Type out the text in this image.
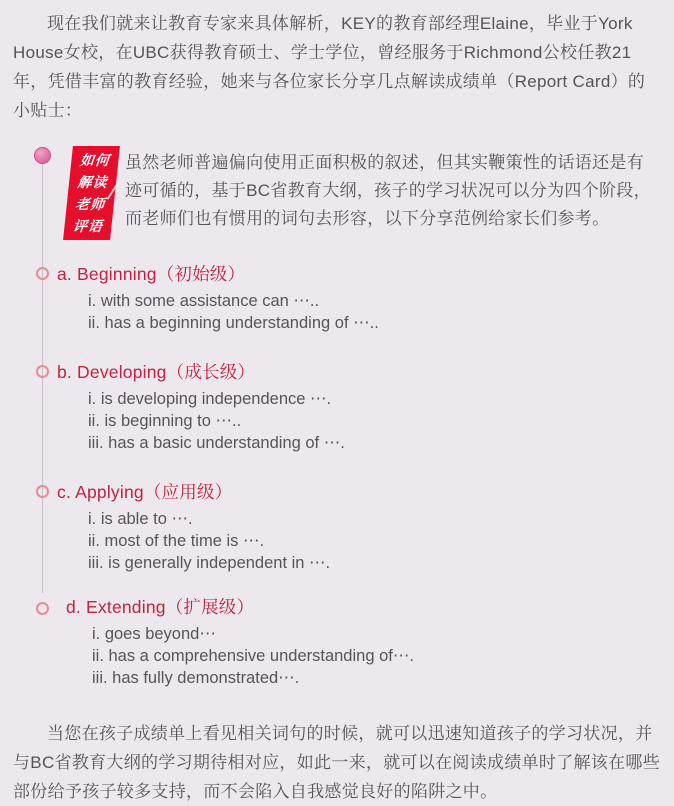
现在我们就来让教育专家来具体解析，KEY的教育部经理Elaine，毕业于York House女校，在UBC获得教育硕士、学士学位，曾经服务于Richmond公校任教21年，凭借丰富的教育经验，她来与各位家长分享几点解读成绩单（Report Card）的小贴士：

如何
解读
老师
评语

虽然老师普遍偏向使用正面积极的叙述，但其实鞭策性的话语还是有迹可循的，基于BC省教育大纲，孩子的学习状况可以分为四个阶段，而老师们也有惯用的词句去形容，以下分享范例给家长们参考。

a. Beginning（初始级）
i. with some assistance can ⋯..
ii. has a beginning understanding of ⋯..
b. Developing（成长级）
i. is developing independence ⋯.
ii. is beginning to ⋯..
iii. has a basic understanding of ⋯.
c. Applying（应用级）
i. is able to ⋯.
ii. most of the time is ⋯.
iii. is generally independent in ⋯.
d. Extending（扩展级）
i. goes beyond⋯
ii. has a comprehensive understanding of⋯.
iii. has fully demonstrated⋯.

当您在孩子成绩单上看见相关词句的时候，就可以迅速知道孩子的学习状况，并与BC省教育大纲的学习期待相对应，如此一来，就可以在阅读成绩单时了解该在哪些部份给予孩子较多支持，而不会陷入自我感觉良好的陷阱之中。
